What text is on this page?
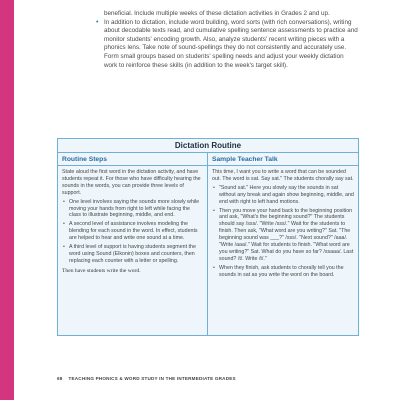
beneficial. Include multiple weeks of these dictation activities in Grades 2 and up.

• In addition to dictation, include word building, word sorts (with rich conversations), writing about decodable texts read, and cumulative spelling sentence assessments to practice and monitor students' encoding growth. Also, analyze students' recent writing pieces with a phonics lens. Take note of sound-spellings they do not consistently and accurately use. Form small groups based on students' spelling needs and adjust your weekly dictation work to reinforce these skills (in addition to the week's target skill).

Dictation Routine
Routine Steps

State aloud the first word in the dictation activity, and have students repeat it. For those who have difficulty hearing the sounds in the words, you can provide three levels of support.

• One level involves saying the sounds more slowly while moving your hands from right to left while facing the class to illustrate beginning, middle, and end.
• A second level of assistance involves modeling the blending for each sound in the word. In effect, students are helped to hear and write one sound at a time.
• A third level of support is having students segment the word using Sound (Elkonin) boxes and counters, then replacing each counter with a letter or spelling.

Then have students write the word.

Sample Teacher Talk

This time, I want you to write a word that can be sounded out. The word is sat. Say sat." The students chorally say sat.

• "Sound sat." Here you slowly say the sounds in sat without any break and again show beginning, middle, and end with right to left hand motions.
• Then you move your hand back to the beginning position and ask, "What's the beginning sound?" The students should say /sss/. "Write /sss/." Wait for the students to finish. Then ask, "What word are you writing?" Sat. "The beginning sound was ___?" /sss/. "Next sound?" /aaa/. "Write /aaa/." Wait for students to finish. "What word are you writing?" Sat. What do you have so far? /ssaaa/. Last sound? /t/. Write /t/."
• When they finish, ask students to chorally tell you the sounds in sat as you write the word on the board.
68 TEACHING PHONICS & WORD STUDY IN THE INTERMEDIATE GRADES
